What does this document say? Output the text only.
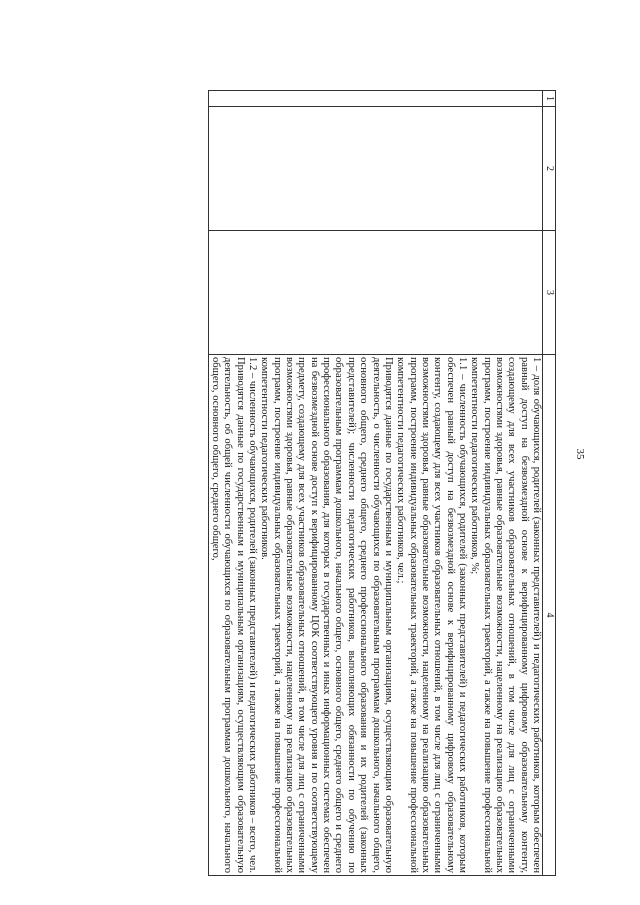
35
1	2	3	4

			1 – доля обучающихся, родителей (законных представителей) и педагогических работников, которым обеспечен равный доступ на безвозмездной основе к верифицированному цифровому образовательному контенту, создающему для всех участников образовательных отношений, в том числе для лиц с ограниченными возможностями здоровья, равные образовательные возможности, нацеленному на реализацию образовательных программ, построение индивидуальных образовательных траекторий, а также на повышение профессиональной компетентности педагогических работников, %;

1.1 – численность обучающихся, родителей (законных представителей) и педагогических работников, которым обеспечен равный доступ на безвозмездной основе к верифицированному цифровому образовательному контенту, создающему для всех участников образовательных отношений, в том числе для лиц с ограниченными возможностями здоровья, равные образовательные возможности, нацеленному на реализацию образовательных программ, построение индивидуальных образовательных траекторий, а также на повышение профессиональной компетентности педагогических работников, чел.;

Приводятся данные по государственным и муниципальным организациям, осуществляющим образовательную деятельность, о численности обучающихся по образовательным программам дошкольного, начального общего, основного общего, среднего общего, среднего профессионального образования и их родителей (законных представителей); численности педагогических работников, выполняющих обязанности по обучению по образовательным программам дошкольного, начального общего, основного общего, среднего общего и среднего профессионального образования, для которых в государственных и иных информационных системах обеспечен на безвозмездной основе доступ к верифицированному ЦОК соответствующего уровня и по соответствующему предмету, создающему для всех участников образовательных отношений, в том числе для лиц с ограниченными возможностями здоровья, равные образовательные возможности, нацеленному на реализацию образовательных программ, построение индивидуальных образовательных траекторий, а также на повышение профессиональной компетентности педагогических работников.

1.2 – численность обучающихся, родителей (законных представителей) и педагогических работников – всего, чел.

Приводятся данные по государственным и муниципальным организациям, осуществляющим образовательную деятельность, об общей численности обучающихся по образовательным программам дошкольного, начального общего, основного общего, среднего общего,
